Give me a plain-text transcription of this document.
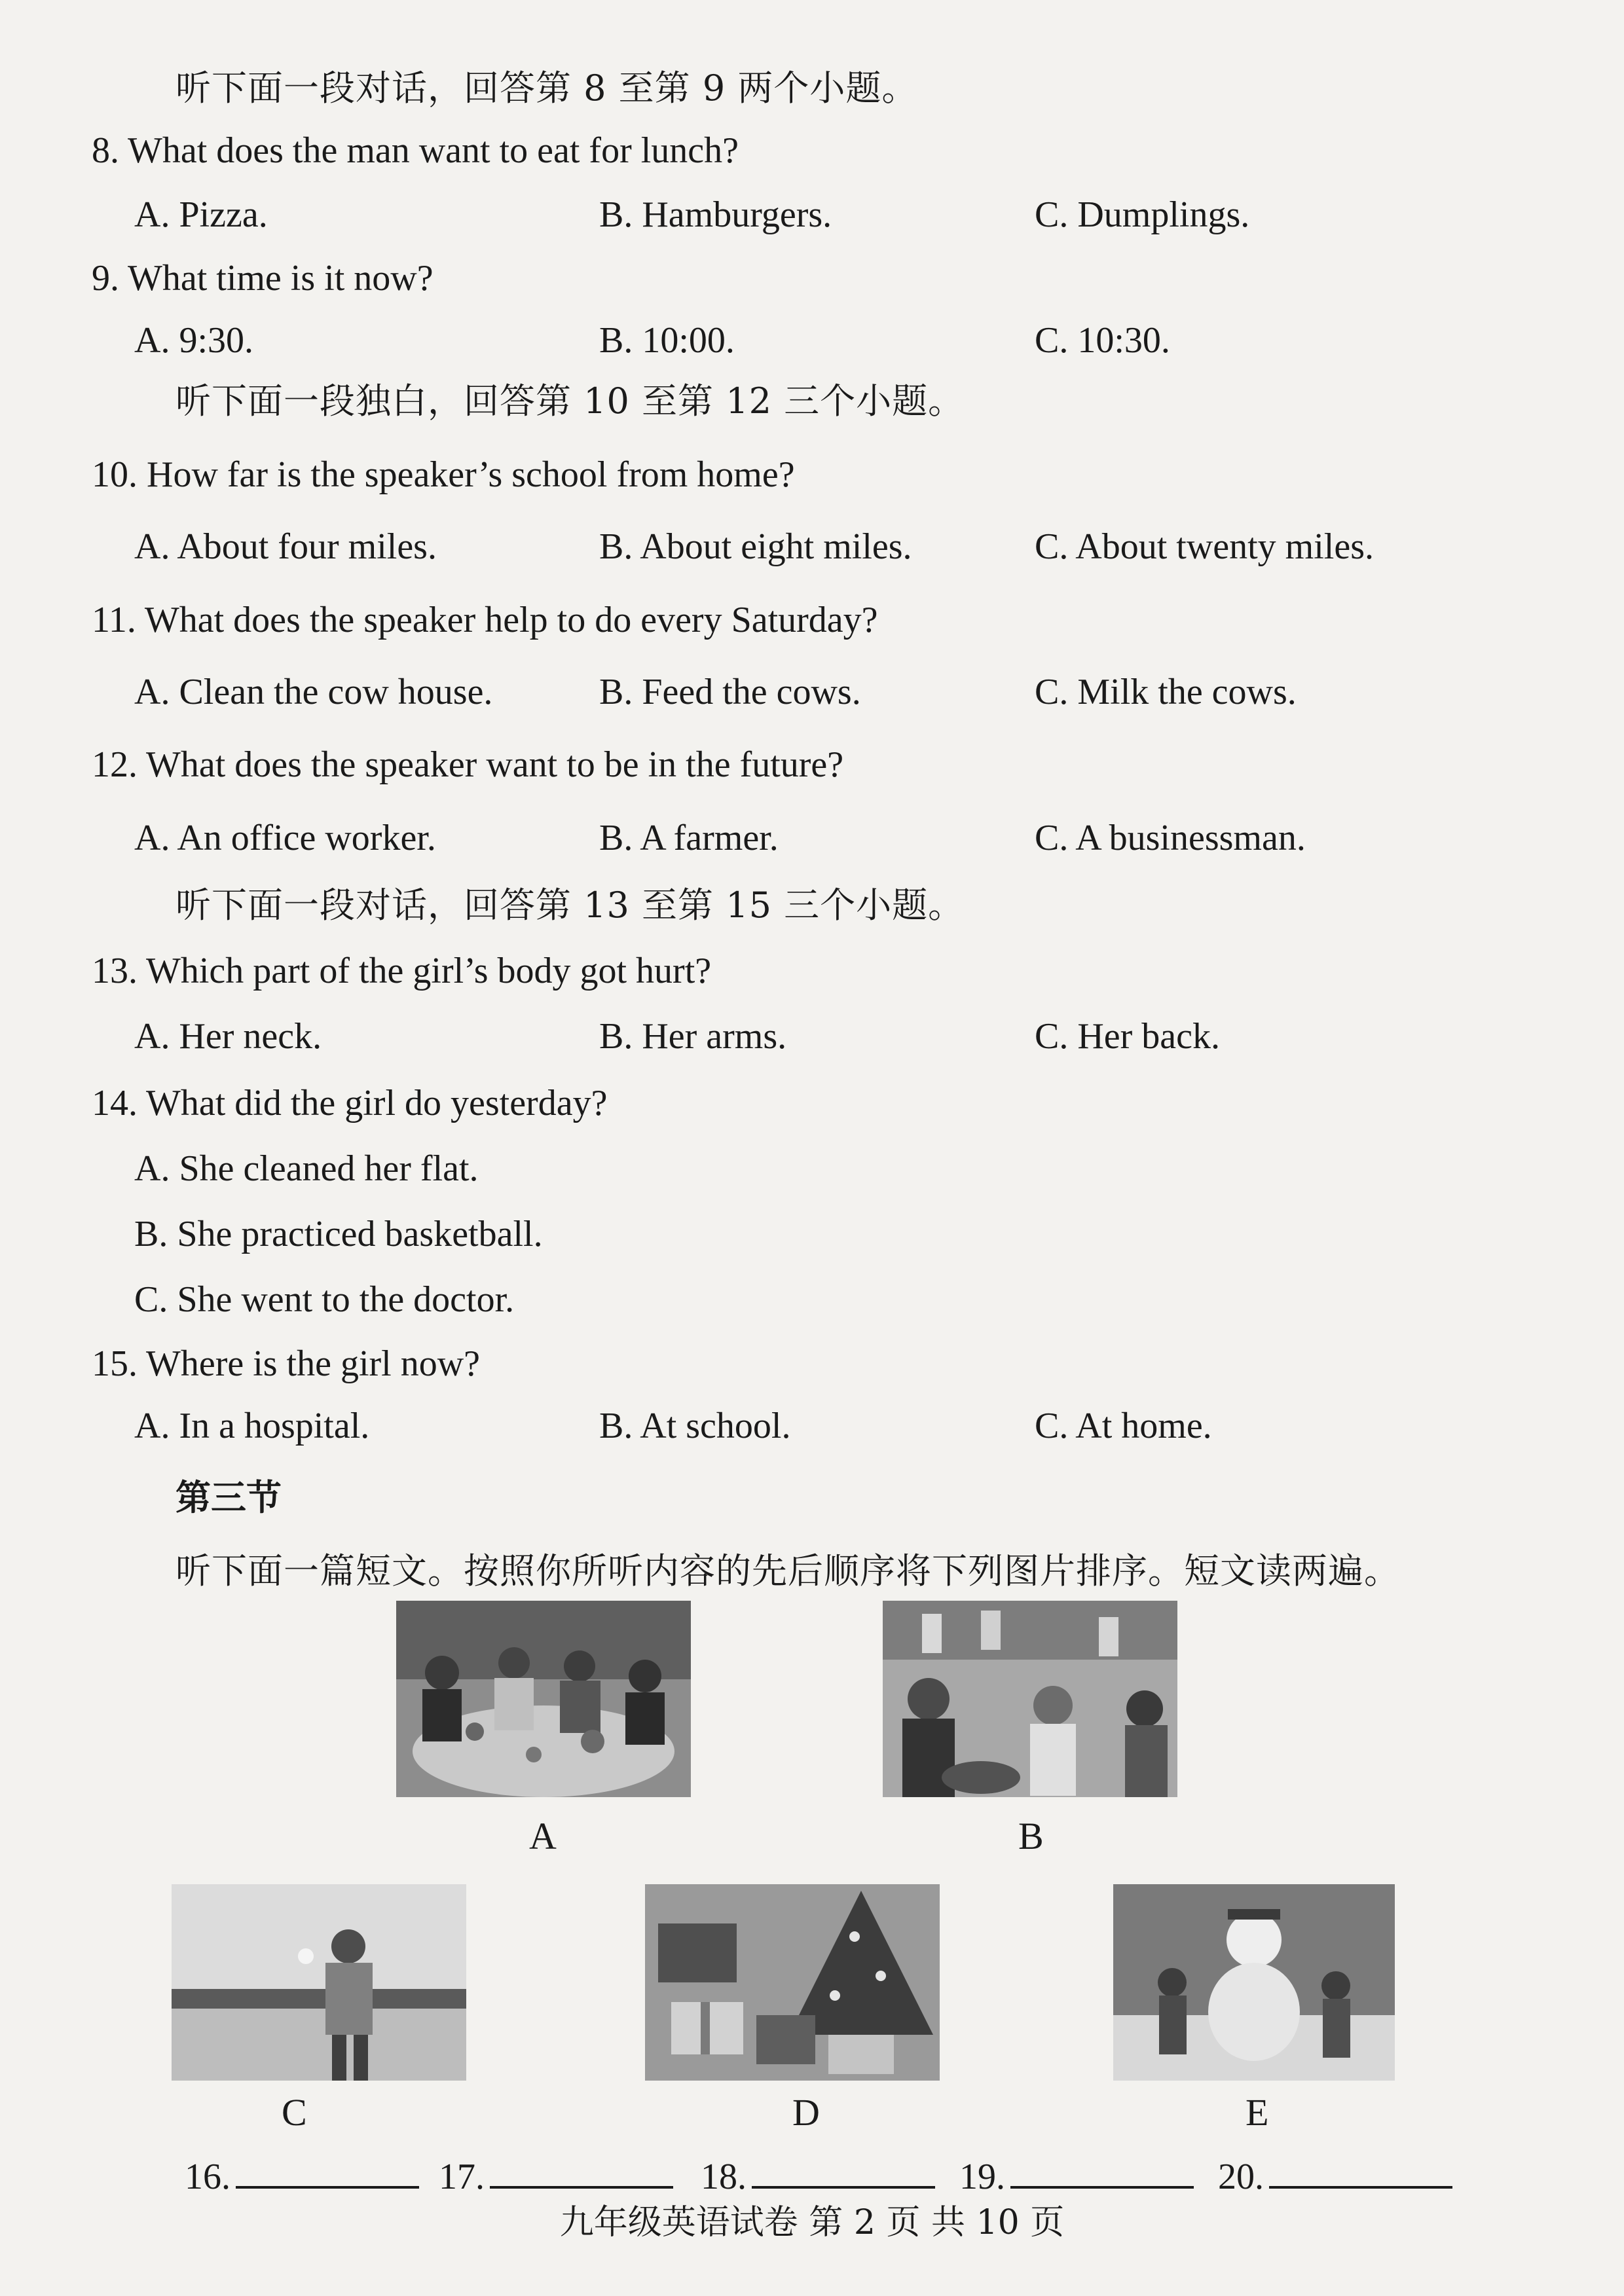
听下面一段对话，回答第 8 至第 9 两个小题。
8. What does the man want to eat for lunch?
A. Pizza.	B. Hamburgers.	C. Dumplings.
9. What time is it now?
A. 9:30.	B. 10:00.	C. 10:30.
听下面一段独白，回答第 10 至第 12 三个小题。
10. How far is the speaker’s school from home?
A. About four miles.	B. About eight miles.	C. About twenty miles.
11. What does the speaker help to do every Saturday?
A. Clean the cow house.	B. Feed the cows.	C. Milk the cows.
12. What does the speaker want to be in the future?
A. An office worker.	B. A farmer.	C. A businessman.
听下面一段对话，回答第 13 至第 15 三个小题。
13. Which part of the girl’s body got hurt?
A. Her neck.	B. Her arms.	C. Her back.
14. What did the girl do yesterday?
A. She cleaned her flat.
B. She practiced basketball.
C. She went to the doctor.
15. Where is the girl now?
A. In a hospital.	B. At school.	C. At home.
第三节
听下面一篇短文。按照你所听内容的先后顺序将下列图片排序。短文读两遍。
A	B
C	D	E
16.	17.	18.	19.	20.
九年级英语试卷 第 2 页 共 10 页
